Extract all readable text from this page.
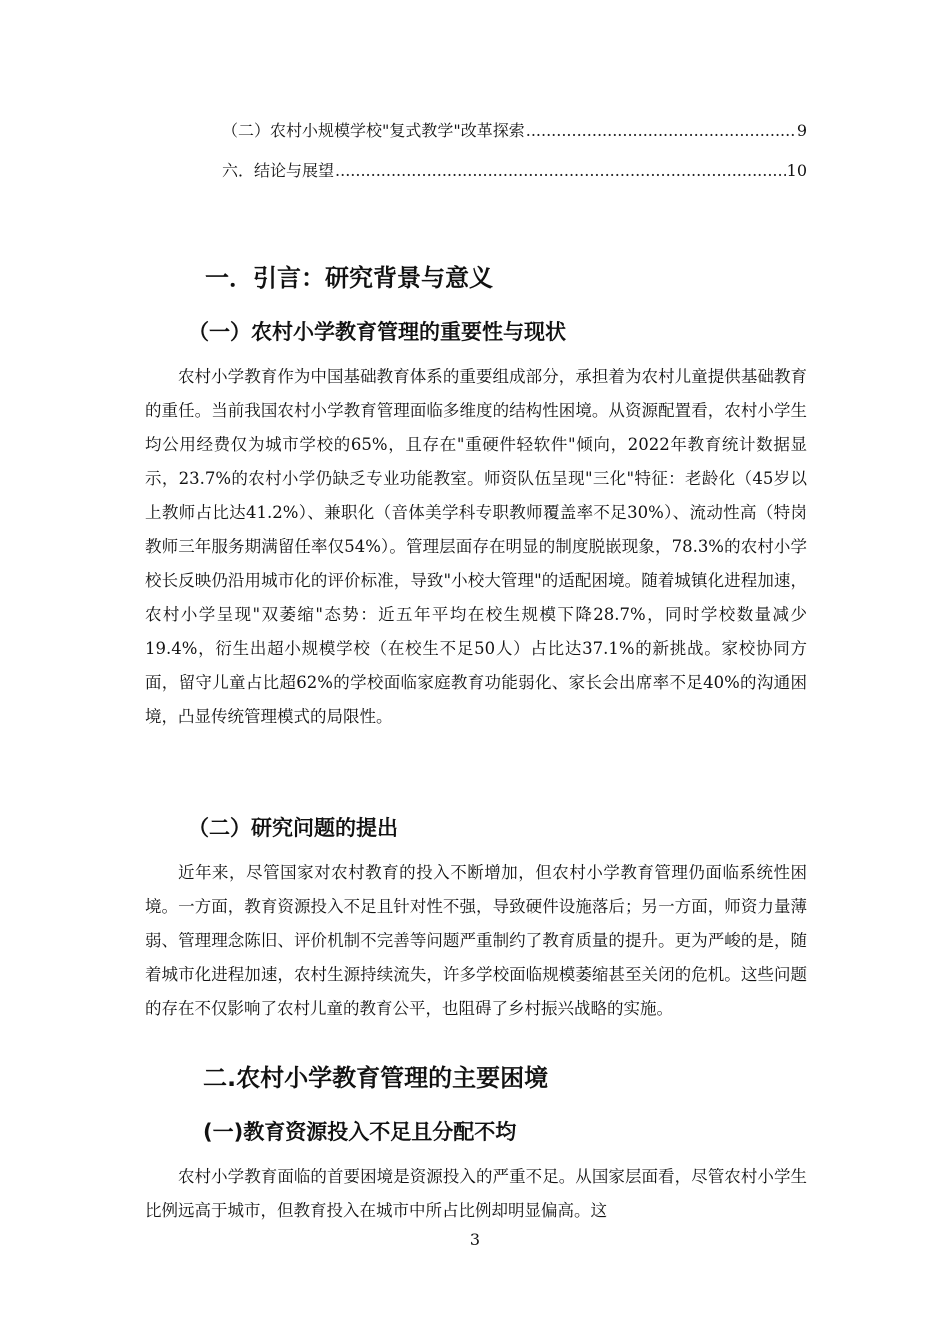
（二）农村小规模学校"复式教学"改革探索 .....	9
六．结论与展望 .....	10
一．引言：研究背景与意义
（一）农村小学教育管理的重要性与现状

农村小学教育作为中国基础教育体系的重要组成部分，承担着为农村儿童提供基础教育的重任。当前我国农村小学教育管理面临多维度的结构性困境。从资源配置看，农村小学生均公用经费仅为城市学校的65%，且存在"重硬件轻软件"倾向，2022年教育统计数据显示，23.7%的农村小学仍缺乏专业功能教室。师资队伍呈现"三化"特征：老龄化（45岁以上教师占比达41.2%）、兼职化（音体美学科专职教师覆盖率不足30%）、流动性高（特岗教师三年服务期满留任率仅54%）。管理层面存在明显的制度脱嵌现象，78.3%的农村小学校长反映仍沿用城市化的评价标准，导致"小校大管理"的适配困境。随着城镇化进程加速，农村小学呈现"双萎缩"态势：近五年平均在校生规模下降28.7%，同时学校数量减少19.4%，衍生出超小规模学校（在校生不足50人）占比达37.1%的新挑战。家校协同方面，留守儿童占比超62%的学校面临家庭教育功能弱化、家长会出席率不足40%的沟通困境，凸显传统管理模式的局限性。

（二）研究问题的提出

近年来，尽管国家对农村教育的投入不断增加，但农村小学教育管理仍面临系统性困境。一方面，教育资源投入不足且针对性不强，导致硬件设施落后；另一方面，师资力量薄弱、管理理念陈旧、评价机制不完善等问题严重制约了教育质量的提升。更为严峻的是，随着城市化进程加速，农村生源持续流失，许多学校面临规模萎缩甚至关闭的危机。这些问题的存在不仅影响了农村儿童的教育公平，也阻碍了乡村振兴战略的实施。

二.农村小学教育管理的主要困境
(一)教育资源投入不足且分配不均

农村小学教育面临的首要困境是资源投入的严重不足。从国家层面看，尽管农村小学生比例远高于城市，但教育投入在城市中所占比例却明显偏高。这

3
